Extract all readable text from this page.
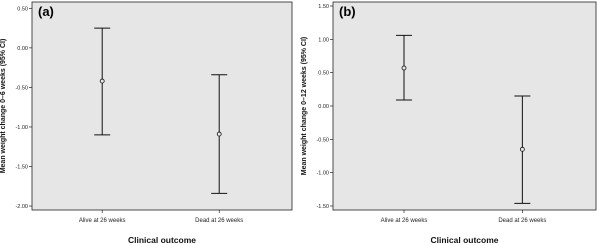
(a)
0.50
0.00
-0.50
-1.00
-1.50
-2.00
Alive at 26 weeks	Dead at 26 weeks
Clinical outcome
Mean weight change 0–6 weeks (95% CI)
(b)
1.50
1.00
0.50
0.00
-0.50
-1.00
-1.50
Alive at 26 weeks	Dead at 26 weeks
Clinical outcome
Mean weight change 0–12 weeks (95% CI)
